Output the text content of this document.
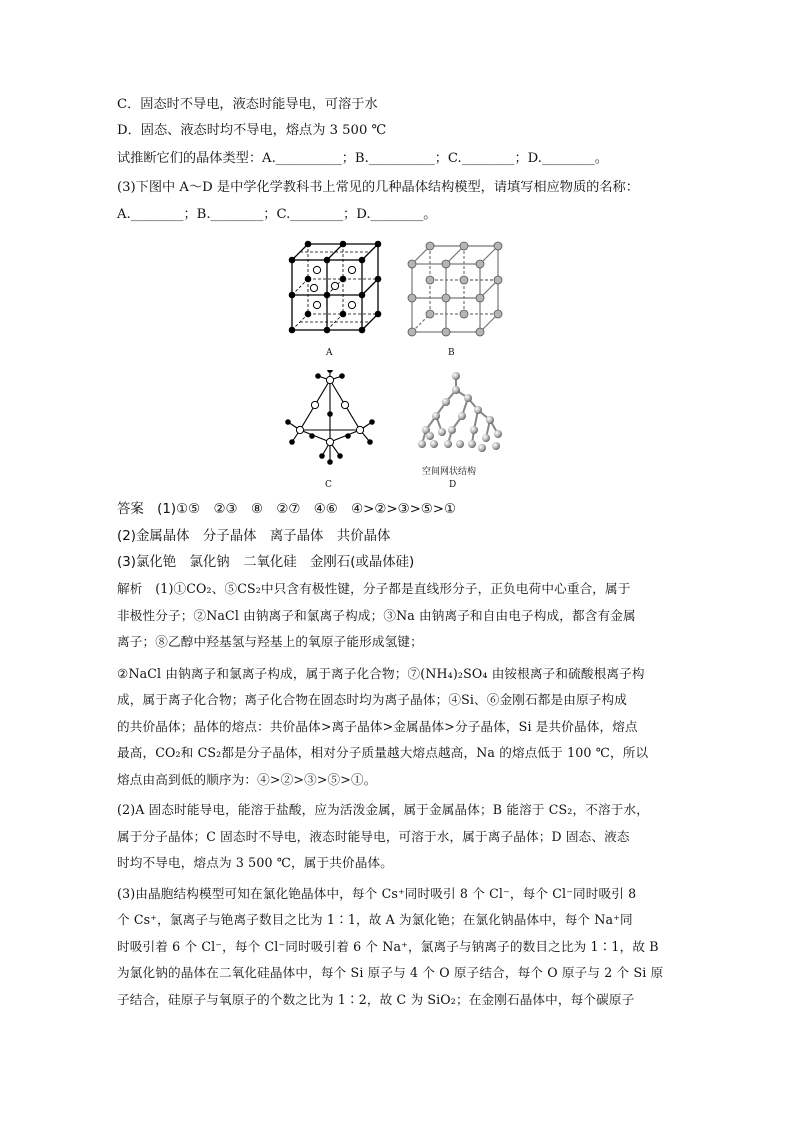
C．固态时不导电，液态时能导电，可溶于水
D．固态、液态时均不导电，熔点为 3 500 ℃
试推断它们的晶体类型：A.__________；B.__________；C.________；D.________。
(3)下图中 A～D 是中学化学教科书上常见的几种晶体结构模型，请填写相应物质的名称：
A.________；B.________；C.________；D.________。
A	B
C
空间网状结构
D
答案　(1)①⑤　②③　⑧　②⑦　④⑥　④>②>③>⑤>①
(2)金属晶体　分子晶体　离子晶体　共价晶体
(3)氯化铯　氯化钠　二氧化硅　金刚石(或晶体硅)
解析　(1)①CO₂、⑤CS₂中只含有极性键，分子都是直线形分子，正负电荷中心重合，属于
非极性分子；②NaCl 由钠离子和氯离子构成；③Na 由钠离子和自由电子构成，都含有金属
离子；⑧乙醇中羟基氢与羟基上的氧原子能形成氢键；
②NaCl 由钠离子和氯离子构成，属于离子化合物；⑦(NH₄)₂SO₄ 由铵根离子和硫酸根离子构
成，属于离子化合物；离子化合物在固态时均为离子晶体；④Si、⑥金刚石都是由原子构成
的共价晶体；晶体的熔点：共价晶体>离子晶体>金属晶体>分子晶体，Si 是共价晶体，熔点
最高，CO₂和 CS₂都是分子晶体，相对分子质量越大熔点越高，Na 的熔点低于 100 ℃，所以
熔点由高到低的顺序为：④>②>③>⑤>①。
(2)A 固态时能导电，能溶于盐酸，应为活泼金属，属于金属晶体；B 能溶于 CS₂，不溶于水，
属于分子晶体；C 固态时不导电，液态时能导电，可溶于水，属于离子晶体；D 固态、液态
时均不导电，熔点为 3 500 ℃，属于共价晶体。
(3)由晶胞结构模型可知在氯化铯晶体中，每个 Cs⁺同时吸引 8 个 Cl⁻，每个 Cl⁻同时吸引 8
个 Cs⁺，氯离子与铯离子数目之比为 1∶1，故 A 为氯化铯；在氯化钠晶体中，每个 Na⁺同
时吸引着 6 个 Cl⁻，每个 Cl⁻同时吸引着 6 个 Na⁺，氯离子与钠离子的数目之比为 1∶1，故 B
为氯化钠的晶体在二氧化硅晶体中，每个 Si 原子与 4 个 O 原子结合，每个 O 原子与 2 个 Si 原
子结合，硅原子与氧原子的个数之比为 1∶2，故 C 为 SiO₂；在金刚石晶体中，每个碳原子
